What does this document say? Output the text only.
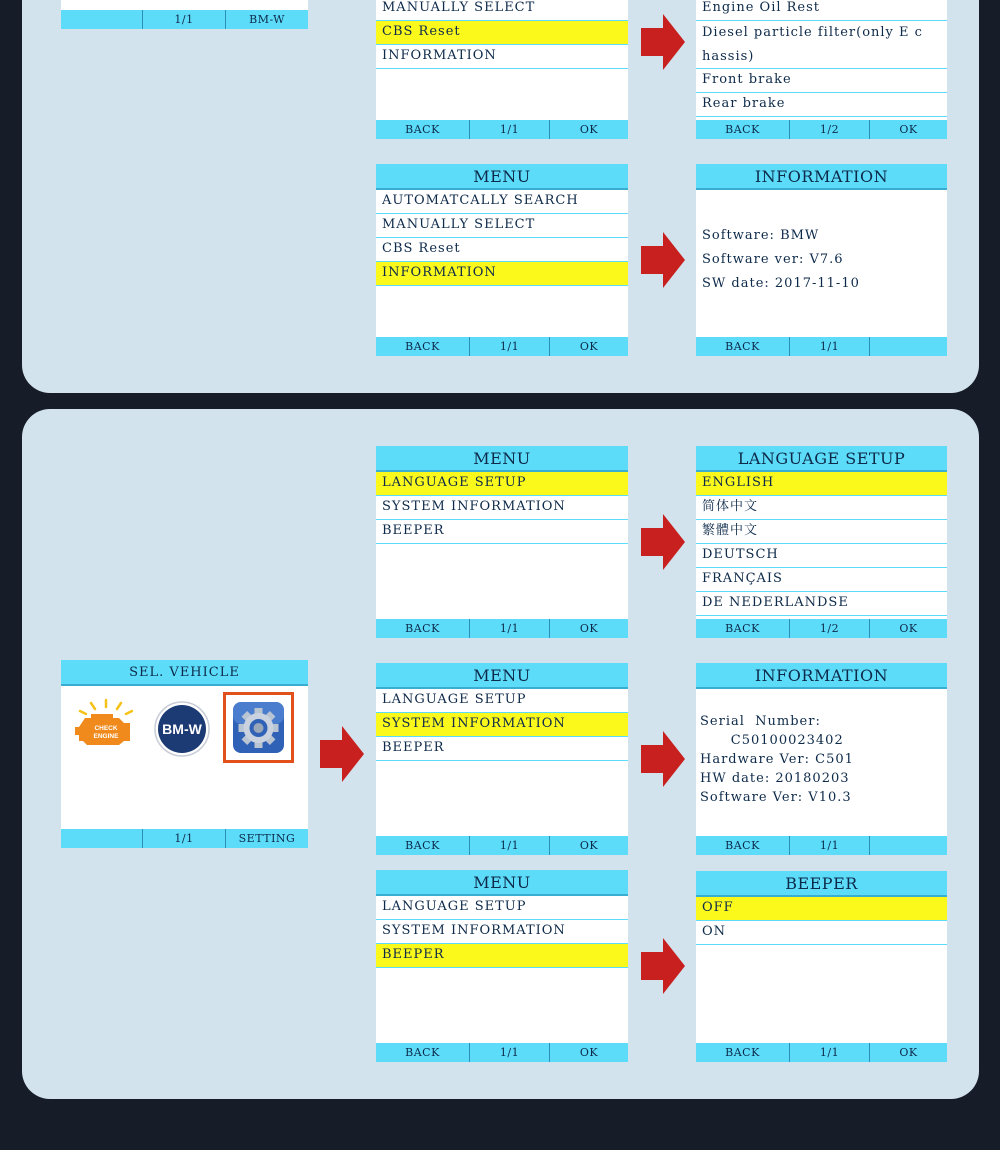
1/1	BM-W
MANUALLY SELECT
CBS Reset
INFORMATION
BACK	1/1	OK
Engine Oil Rest
Diesel particle filter(only E c hassis)
Front brake
Rear brake
BACK	1/2	OK
MENU
AUTOMATCALLY SEARCH
MANUALLY SELECT
CBS Reset
INFORMATION
BACK	1/1	OK
INFORMATION
Software: BMW
Software ver: V7.6
SW date: 2017-11-10
BACK	1/1
SEL. VEHICLE
CHECK
ENGINE	BM-W
1/1	SETTING
MENU
LANGUAGE SETUP
SYSTEM INFORMATION
BEEPER
BACK	1/1	OK
LANGUAGE SETUP
ENGLISH
简体中文
繁體中文
DEUTSCH
FRANÇAIS
DE NEDERLANDSE
BACK	1/2	OK
MENU
LANGUAGE SETUP
SYSTEM INFORMATION
BEEPER
BACK	1/1	OK
INFORMATION
Serial  Number:
C50100023402
Hardware Ver: C501
HW date: 20180203
Software Ver: V10.3
BACK	1/1
MENU
LANGUAGE SETUP
SYSTEM INFORMATION
BEEPER
BACK	1/1	OK
BEEPER
OFF
ON
BACK	1/1	OK
